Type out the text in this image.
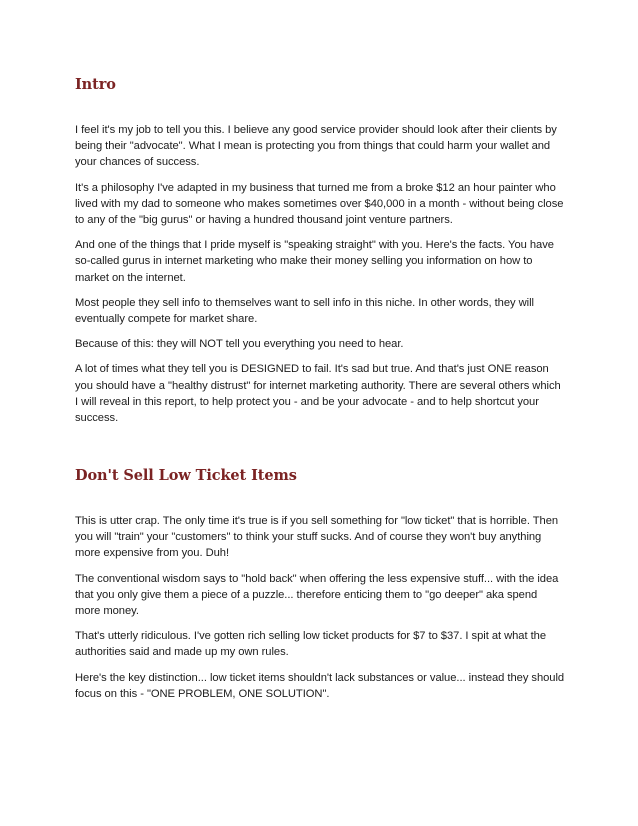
Intro

I feel it's my job to tell you this. I believe any good service provider should look after their clients by being their "advocate". What I mean is protecting you from things that could harm your wallet and your chances of success.

It's a philosophy I've adapted in my business that turned me from a broke $12 an hour painter who lived with my dad to someone who makes sometimes over $40,000 in a month - without being close to any of the "big gurus" or having a hundred thousand joint venture partners.

And one of the things that I pride myself is "speaking straight" with you. Here's the facts. You have so-called gurus in internet marketing who make their money selling you information on how to market on the internet.

Most people they sell info to themselves want to sell info in this niche. In other words, they will eventually compete for market share.

Because of this: they will NOT tell you everything you need to hear.

A lot of times what they tell you is DESIGNED to fail. It's sad but true. And that's just ONE reason you should have a "healthy distrust" for internet marketing authority. There are several others which I will reveal in this report, to help protect you - and be your advocate - and to help shortcut your success.

Don't Sell Low Ticket Items

This is utter crap. The only time it's true is if you sell something for "low ticket" that is horrible. Then you will "train" your "customers" to think your stuff sucks. And of course they won't buy anything more expensive from you. Duh!

The conventional wisdom says to "hold back" when offering the less expensive stuff... with the idea that you only give them a piece of a puzzle... therefore enticing them to "go deeper" aka spend more money.

That's utterly ridiculous. I've gotten rich selling low ticket products for $7 to $37. I spit at what the authorities said and made up my own rules.

Here's the key distinction... low ticket items shouldn't lack substances or value... instead they should focus on this - "ONE PROBLEM, ONE SOLUTION".
